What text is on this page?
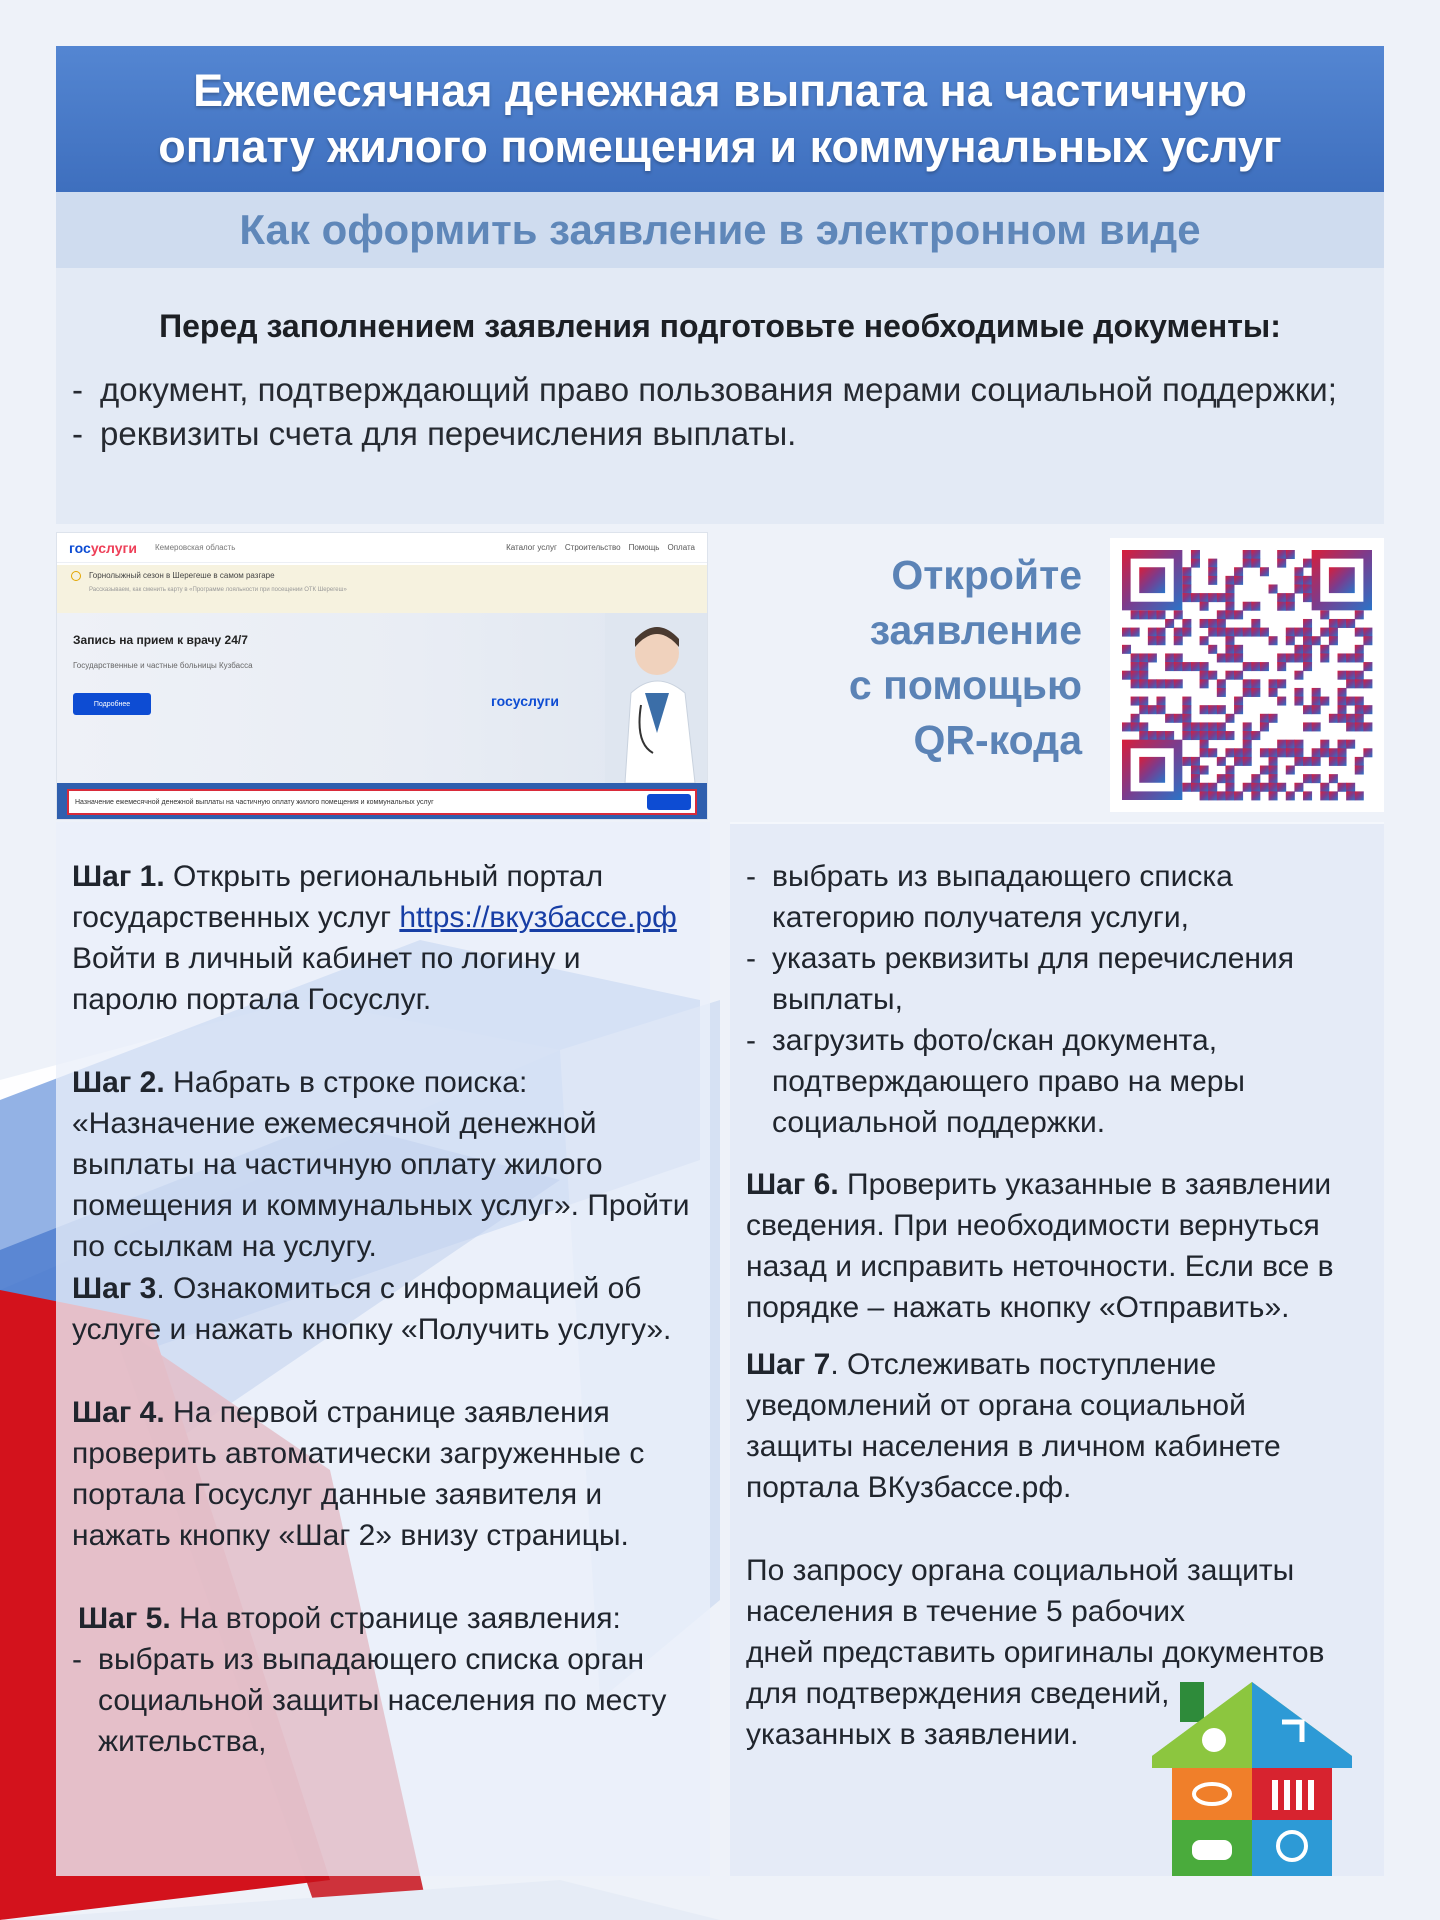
Ежемесячная денежная выплата на частичную оплату жилого помещения и коммунальных услуг
Как оформить заявление в электронном виде
Перед заполнением заявления подготовьте необходимые документы:
- документ, подтверждающий право пользования мерами социальной поддержки;
- реквизиты счета для перечисления выплаты.
госуслуги Кемеровская область	Каталог услуг Строительство Помощь Оплата
Горнолыжный сезон в Шерегеше в самом разгаре
Рассказываем, как сменить карту в «Программе лояльности при посещении ОТК Шерегеш»
Запись на прием к врачу 24/7
Государственные и частные больницы Кузбасса
Подробнее	госуслуги
Назначение ежемесячной денежной выплаты на частичную оплату жилого помещения и коммунальных услуг
Откройте
заявление
с помощью
QR-кода
Шаг 1. Открыть региональный портал государственных услуг https://вкузбассе.рф
Войти в личный кабинет по логину и паролю портала Госуслуг.
Шаг 2. Набрать в строке поиска: «Назначение ежемесячной денежной выплаты на частичную оплату жилого помещения и коммунальных услуг». Пройти по ссылкам на услугу.
Шаг 3. Ознакомиться с информацией об услуге и нажать кнопку «Получить услугу».
Шаг 4. На первой странице заявления проверить автоматически загруженные с портала Госуслуг данные заявителя и нажать кнопку «Шаг 2» внизу страницы.
Шаг 5. На второй странице заявления:
- выбрать из выпадающего списка орган социальной защиты населения по месту жительства,
- выбрать из выпадающего списка категорию получателя услуги,
- указать реквизиты для перечисления выплаты,
- загрузить фото/скан документа, подтверждающего право на меры социальной поддержки.
Шаг 6. Проверить указанные в заявлении сведения. При необходимости вернуться назад и исправить неточности. Если все в порядке – нажать кнопку «Отправить».
Шаг 7. Отслеживать поступление уведомлений от органа социальной защиты населения в личном кабинете портала ВКузбассе.рф.
По запросу органа социальной защиты
населения в течение 5 рабочих
дней представить оригиналы документов
для подтверждения сведений,
указанных в заявлении.
